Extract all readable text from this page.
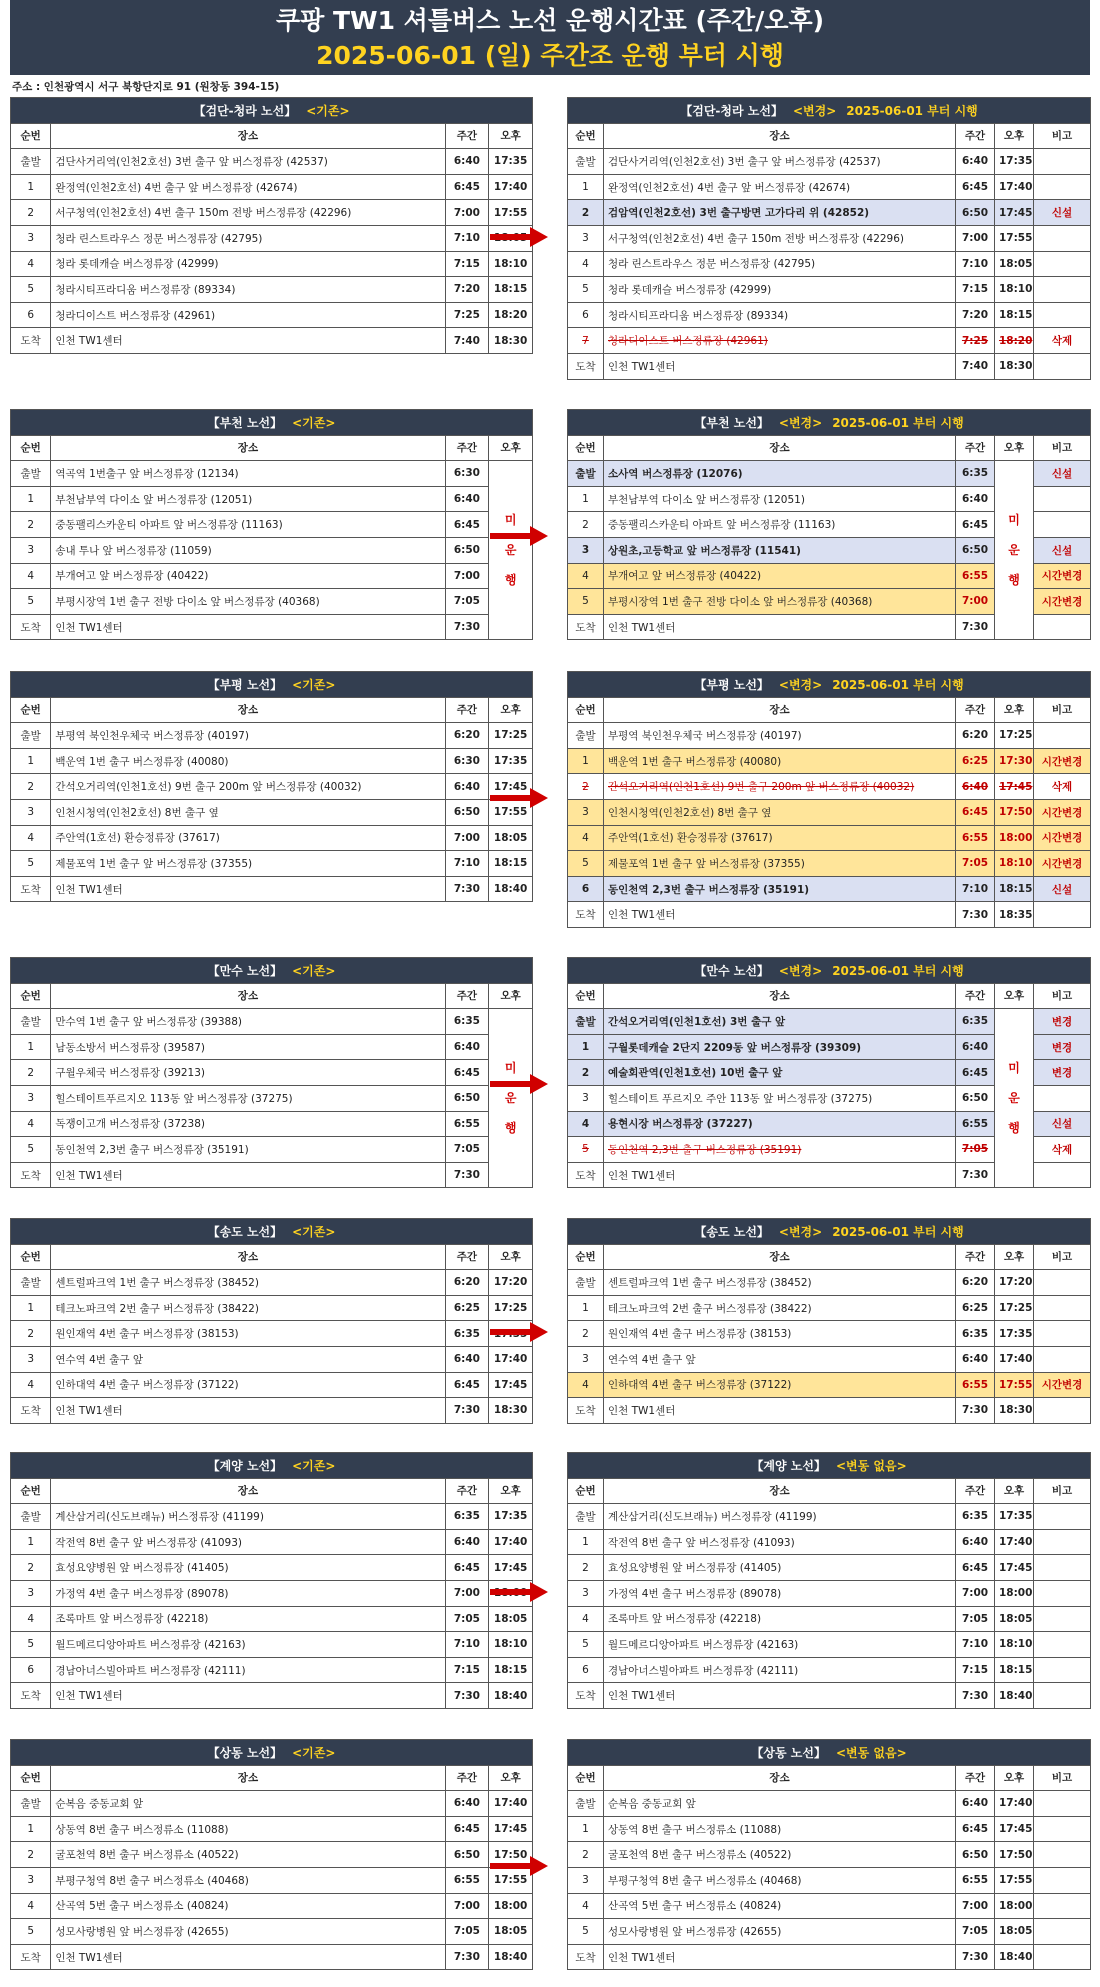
쿠팡 TW1 셔틀버스 노선 운행시간표 (주간/오후)
2025-06-01 (일) 주간조 운행 부터 시행
주소 : 인천광역시 서구 북항단지로 91 (원창동 394-15)
【검단-청라 노선】 <기존>			
순번	장소	주간	오후
출발	검단사거리역(인천2호선) 3번 출구 앞 버스정류장 (42537)	6:40	17:35
1	완정역(인천2호선) 4번 출구 앞 버스정류장 (42674)	6:45	17:40
2	서구청역(인천2호선) 4번 출구 150m 전방 버스정류장 (42296)	7:00	17:55
3	청라 린스트라우스 정문 버스정류장 (42795)	7:10	
4	청라 롯데캐슬 버스정류장 (42999)	7:15	18:10
5	청라시티프라디움 버스정류장 (89334)	7:20	18:15
6	청라디이스트 버스정류장 (42961)	7:25	18:20
도착	인천 TW1센터	7:40	18:30
【검단-청라 노선】 <변경> 2025-06-01 부터 시행				
순번	장소	주간	오후	비고
출발	검단사거리역(인천2호선) 3번 출구 앞 버스정류장 (42537)	6:40	17:35	
1	완정역(인천2호선) 4번 출구 앞 버스정류장 (42674)	6:45	17:40	
2	검암역(인천2호선) 3번 출구방면 고가다리 위 (42852)	6:50	17:45	신설
3	서구청역(인천2호선) 4번 출구 150m 전방 버스정류장 (42296)	7:00	17:55	
4	청라 린스트라우스 정문 버스정류장 (42795)	7:10	18:05	
5	청라 롯데캐슬 버스정류장 (42999)	7:15	18:10	
6	청라시티프라디움 버스정류장 (89334)	7:20	18:15	
7	청라디이스트 버스정류장 (42961)	7:25	18:20	삭제
도착	인천 TW1센터	7:40	18:30	
【부천 노선】 <기존>			
순번	장소	주간	오후
출발	역곡역 1번출구 앞 버스정류장 (12134)	6:30	미
운
행

1	부천남부역 다이소 앞 버스정류장 (12051)	6:40	
2	중동팰리스카운티 아파트 앞 버스정류장 (11163)	6:45	
3	송내 투나 앞 버스정류장 (11059)	6:50	
4	부개여고 앞 버스정류장 (40422)	7:00	
5	부평시장역 1번 출구 전방 다이소 앞 버스정류장 (40368)	7:05	
도착	인천 TW1센터	7:30	
【부천 노선】 <변경> 2025-06-01 부터 시행				
순번	장소	주간	오후	비고
출발	소사역 버스정류장 (12076)	6:35	미
운
행	신설
1	부천남부역 다이소 앞 버스정류장 (12051)	6:40		
2	중동팰리스카운티 아파트 앞 버스정류장 (11163)	6:45		
3	상원초,고등학교 앞 버스정류장 (11541)	6:50		신설
4	부개여고 앞 버스정류장 (40422)	6:55		시간변경
5	부평시장역 1번 출구 전방 다이소 앞 버스정류장 (40368)	7:00		시간변경
도착	인천 TW1센터	7:30		
【부평 노선】 <기존>			
순번	장소	주간	오후
출발	부평역 북인천우체국 버스정류장 (40197)	6:20	17:25
1	백운역 1번 출구 버스정류장 (40080)	6:30	17:35
2	간석오거리역(인천1호선) 9번 출구 200m 앞 버스정류장 (40032)	6:40	17:45
3	인천시청역(인천2호선) 8번 출구 옆	6:50	17:55
4	주안역(1호선) 환승정류장 (37617)	7:00	18:05
5	제물포역 1번 출구 앞 버스정류장 (37355)	7:10	18:15
도착	인천 TW1센터	7:30	18:40
【부평 노선】 <변경> 2025-06-01 부터 시행				
순번	장소	주간	오후	비고
출발	부평역 북인천우체국 버스정류장 (40197)	6:20	17:25	
1	백운역 1번 출구 버스정류장 (40080)	6:25	17:30	시간변경
2	간석오거리역(인천1호선) 9번 출구 200m 앞 버스정류장 (40032)	6:40	17:45	삭제
3	인천시청역(인천2호선) 8번 출구 옆	6:45	17:50	시간변경
4	주안역(1호선) 환승정류장 (37617)	6:55	18:00	시간변경
5	제물포역 1번 출구 앞 버스정류장 (37355)	7:05	18:10	시간변경
6	동인천역 2,3번 출구 버스정류장 (35191)	7:10	18:15	신설
도착	인천 TW1센터	7:30	18:35	
【만수 노선】 <기존>			
순번	장소	주간	오후
출발	만수역 1번 출구 앞 버스정류장 (39388)	6:35	미
운
행

1	남동소방서 버스정류장 (39587)	6:40	
2	구월우체국 버스정류장 (39213)	6:45	
3	힐스테이트푸르지오 113동 앞 버스정류장 (37275)	6:50	
4	독쟁이고개 버스정류장 (37238)	6:55	
5	동인천역 2,3번 출구 버스정류장 (35191)	7:05	
도착	인천 TW1센터	7:30	
【만수 노선】 <변경> 2025-06-01 부터 시행				
순번	장소	주간	오후	비고
출발	간석오거리역(인천1호선) 3번 출구 앞	6:35	미
운
행	변경
1	구월롯데캐슬 2단지 2209동 앞 버스정류장 (39309)	6:40		변경
2	예술회관역(인천1호선) 10번 출구 앞	6:45		변경
3	힐스테이트 푸르지오 주안 113동 앞 버스정류장 (37275)	6:50		
4	용현시장 버스정류장 (37227)	6:55		신설
5	동인천역 2,3번 출구 버스정류장 (35191)	7:05		삭제
도착	인천 TW1센터	7:30		
【송도 노선】 <기존>			
순번	장소	주간	오후
출발	센트럴파크역 1번 출구 버스정류장 (38452)	6:20	17:20
1	테크노파크역 2번 출구 버스정류장 (38422)	6:25	17:25
2	원인재역 4번 출구 버스정류장 (38153)	6:35	
3	연수역 4번 출구 앞	6:40	17:40
4	인하대역 4번 출구 버스정류장 (37122)	6:45	17:45
도착	인천 TW1센터	7:30	18:30
【송도 노선】 <변경> 2025-06-01 부터 시행				
순번	장소	주간	오후	비고
출발	센트럴파크역 1번 출구 버스정류장 (38452)	6:20	17:20	
1	테크노파크역 2번 출구 버스정류장 (38422)	6:25	17:25	
2	원인재역 4번 출구 버스정류장 (38153)	6:35	17:35	
3	연수역 4번 출구 앞	6:40	17:40	
4	인하대역 4번 출구 버스정류장 (37122)	6:55	17:55	시간변경
도착	인천 TW1센터	7:30	18:30	
【계양 노선】 <기존>			
순번	장소	주간	오후
출발	계산삼거리(신도브래뉴) 버스정류장 (41199)	6:35	17:35
1	작전역 8번 출구 앞 버스정류장 (41093)	6:40	17:40
2	효성요양병원 앞 버스정류장 (41405)	6:45	17:45
3	가정역 4번 출구 버스정류장 (89078)	7:00	
4	조록마트 앞 버스정류장 (42218)	7:05	18:05
5	월드메르디앙아파트 버스정류장 (42163)	7:10	18:10
6	경남아너스빌아파트 버스정류장 (42111)	7:15	18:15
도착	인천 TW1센터	7:30	18:40
【계양 노선】 <변동 없음>				
순번	장소	주간	오후	비고
출발	계산삼거리(신도브래뉴) 버스정류장 (41199)	6:35	17:35	
1	작전역 8번 출구 앞 버스정류장 (41093)	6:40	17:40	
2	효성요양병원 앞 버스정류장 (41405)	6:45	17:45	
3	가정역 4번 출구 버스정류장 (89078)	7:00	18:00	
4	조록마트 앞 버스정류장 (42218)	7:05	18:05	
5	월드메르디앙아파트 버스정류장 (42163)	7:10	18:10	
6	경남아너스빌아파트 버스정류장 (42111)	7:15	18:15	
도착	인천 TW1센터	7:30	18:40	
【상동 노선】 <기존>			
순번	장소	주간	오후
출발	순복음 중동교회 앞	6:40	17:40
1	상동역 8번 출구 버스정류소 (11088)	6:45	17:45
2	굴포천역 8번 출구 버스정류소 (40522)	6:50	17:50
3	부평구청역 8번 출구 버스정류소 (40468)	6:55	17:55
4	산곡역 5번 출구 버스정류소 (40824)	7:00	18:00
5	성모사랑병원 앞 버스정류장 (42655)	7:05	18:05
도착	인천 TW1센터	7:30	18:40
【상동 노선】 <변동 없음>				
순번	장소	주간	오후	비고
출발	순복음 중동교회 앞	6:40	17:40	
1	상동역 8번 출구 버스정류소 (11088)	6:45	17:45	
2	굴포천역 8번 출구 버스정류소 (40522)	6:50	17:50	
3	부평구청역 8번 출구 버스정류소 (40468)	6:55	17:55	
4	산곡역 5번 출구 버스정류소 (40824)	7:00	18:00	
5	성모사랑병원 앞 버스정류장 (42655)	7:05	18:05	
도착	인천 TW1센터	7:30	18:40	
